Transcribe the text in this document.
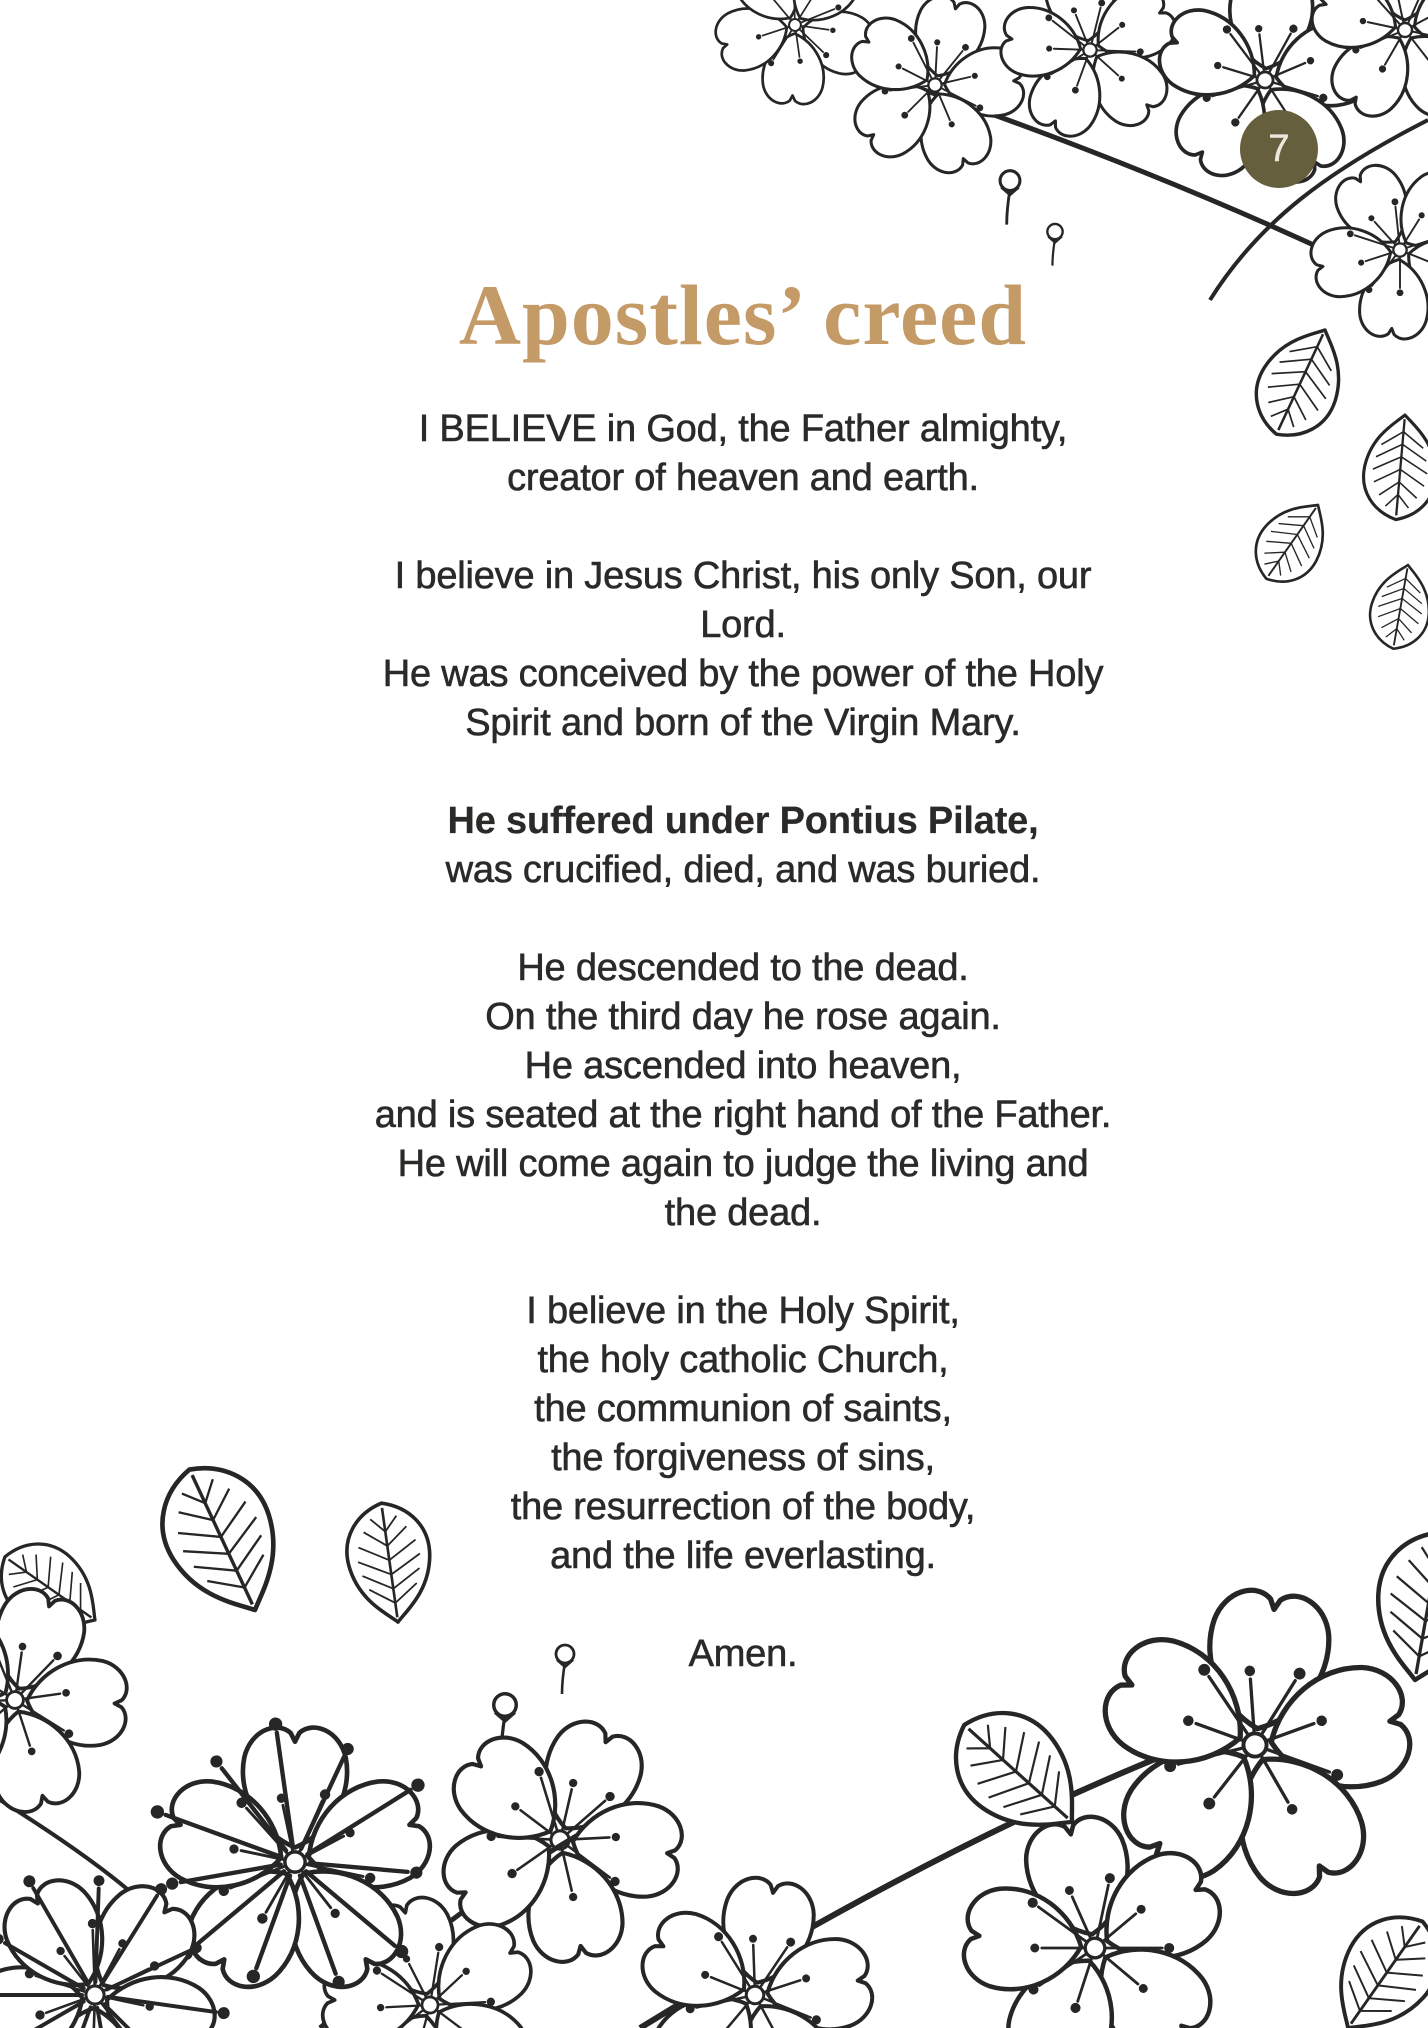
7
Apostles’ creed
I BELIEVE in God, the Father almighty,
creator of heaven and earth.
I believe in Jesus Christ, his only Son, our
Lord.
He was conceived by the power of the Holy
Spirit and born of the Virgin Mary.
He suffered under Pontius Pilate,
was crucified, died, and was buried.
He descended to the dead.
On the third day he rose again.
He ascended into heaven,
and is seated at the right hand of the Father.
He will come again to judge the living and
the dead.
I believe in the Holy Spirit,
the holy catholic Church,
the communion of saints,
the forgiveness of sins,
the resurrection of the body,
and the life everlasting.
Amen.
